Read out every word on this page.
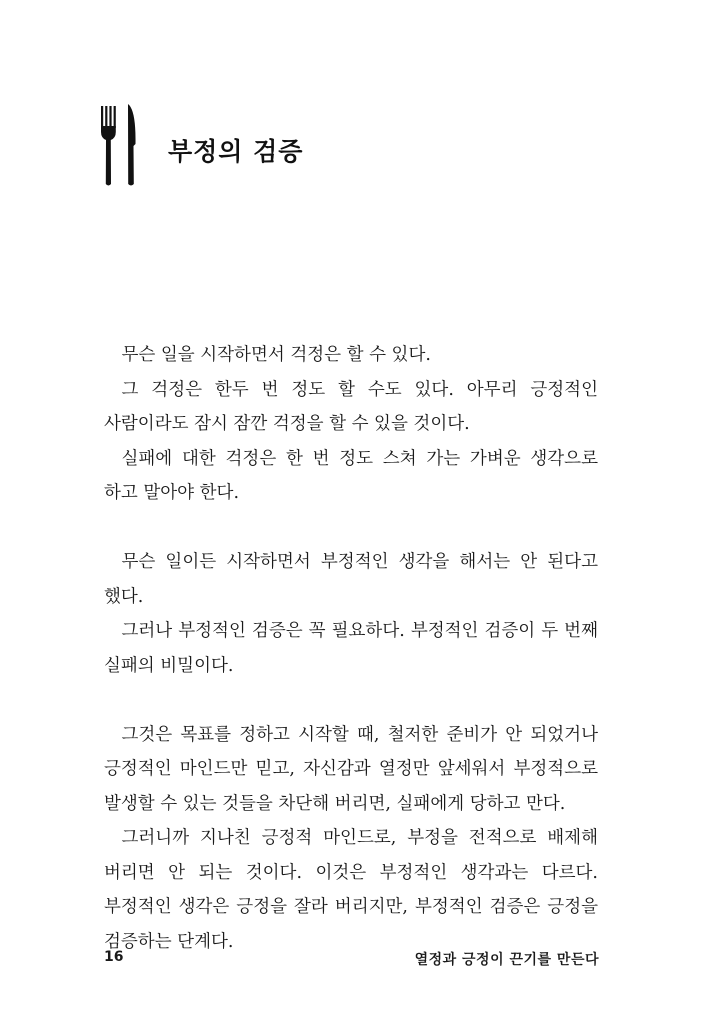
부정의 검증

무슨 일을 시작하면서 걱정은 할 수 있다.

그 걱정은 한두 번 정도 할 수도 있다. 아무리 긍정적인 사람이라도 잠시 잠깐 걱정을 할 수 있을 것이다.

실패에 대한 걱정은 한 번 정도 스쳐 가는 가벼운 생각으로 하고 말아야 한다.

무슨 일이든 시작하면서 부정적인 생각을 해서는 안 된다고 했다.

그러나 부정적인 검증은 꼭 필요하다. 부정적인 검증이 두 번째 실패의 비밀이다.

그것은 목표를 정하고 시작할 때, 철저한 준비가 안 되었거나 긍정적인 마인드만 믿고, 자신감과 열정만 앞세워서 부정적으로 발생할 수 있는 것들을 차단해 버리면, 실패에게 당하고 만다.

그러니까 지나친 긍정적 마인드로, 부정을 전적으로 배제해 버리면 안 되는 것이다. 이것은 부정적인 생각과는 다르다. 부정적인 생각은 긍정을 잘라 버리지만, 부정적인 검증은 긍정을 검증하는 단계다.

16	열정과 긍정이 끈기를 만든다
